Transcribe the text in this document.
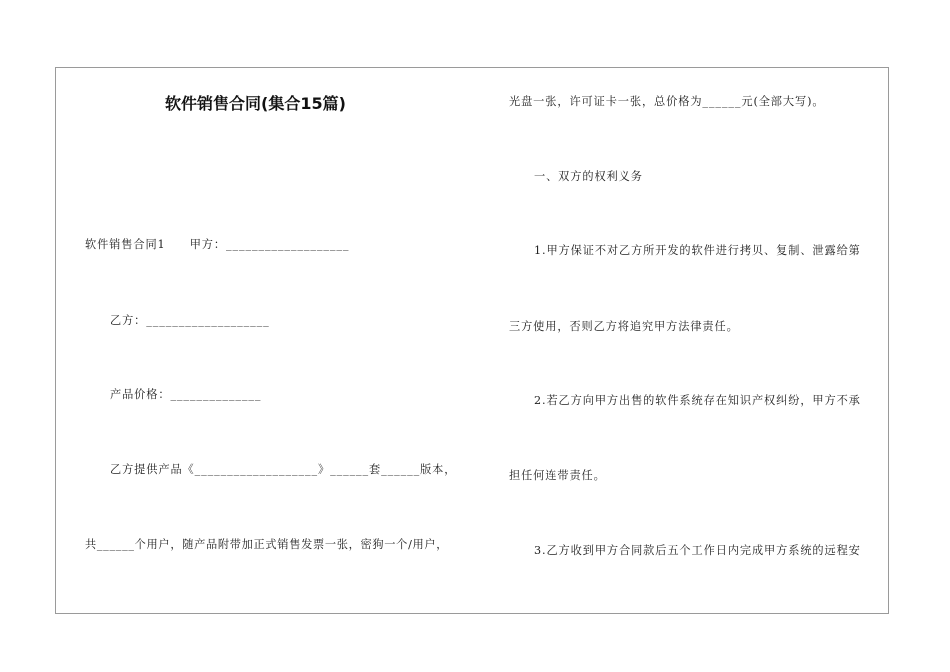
软件销售合同(集合15篇)
软件销售合同1　　甲方：___________________
乙方：___________________
产品价格：______________
乙方提供产品《___________________》______套______版本，
共______个用户，随产品附带加正式销售发票一张，密狗一个/用户，
光盘一张，许可证卡一张，总价格为______元(全部大写)。
一、双方的权利义务
1.甲方保证不对乙方所开发的软件进行拷贝、复制、泄露给第
三方使用，否则乙方将追究甲方法律责任。
2.若乙方向甲方出售的软件系统存在知识产权纠纷，甲方不承
担任何连带责任。
3.乙方收到甲方合同款后五个工作日内完成甲方系统的远程安
